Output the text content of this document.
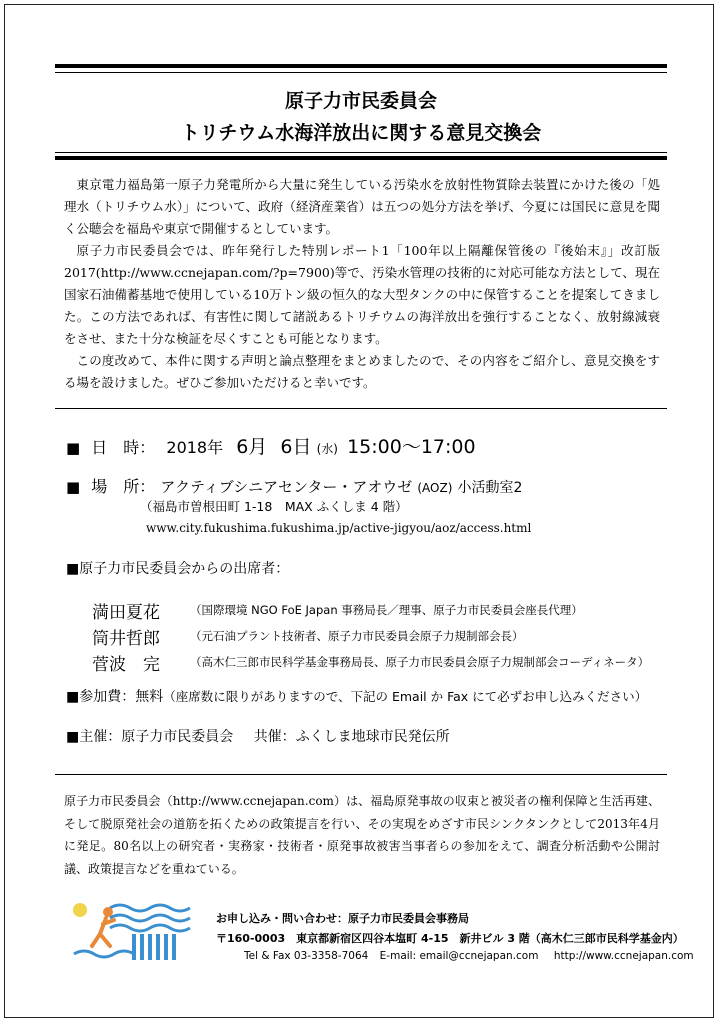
原子力市民委員会
トリチウム水海洋放出に関する意見交換会

東京電力福島第一原子力発電所から大量に発生している汚染水を放射性物質除去装置にかけた後の「処理水（トリチウム水）」について、政府（経済産業省）は五つの処分方法を挙げ、今夏には国民に意見を聞く公聴会を福島や東京で開催するとしています。

原子力市民委員会では、昨年発行した特別レポート1「100年以上隔離保管後の『後始末』」改訂版2017(http://www.ccnejapan.com/?p=7900)等で、汚染水管理の技術的に対応可能な方法として、現在国家石油備蓄基地で使用している10万トン級の恒久的な大型タンクの中に保管することを提案してきました。この方法であれば、有害性に関して諸説あるトリチウムの海洋放出を強行することなく、放射線減衰をさせ、また十分な検証を尽くすことも可能となります。

この度改めて、本件に関する声明と論点整理をまとめましたので、その内容をご紹介し、意見交換をする場を設けました。ぜひご参加いただけると幸いです。

■ 日　時： 2018年 6月 6日 (水) 15:00～17:00
■ 場　所： アクティブシニアセンター・アオウゼ (AOZ) 小活動室2
（福島市曽根田町 1-18　MAX ふくしま 4 階）
www.city.fukushima.fukushima.jp/active-jigyou/aoz/access.html
■原子力市民委員会からの出席者：
満田夏花	（国際環境 NGO FoE Japan 事務局長／理事、原子力市民委員会座長代理）
筒井哲郎	（元石油プラント技術者、原子力市民委員会原子力規制部会長）
菅波　完	（高木仁三郎市民科学基金事務局長、原子力市民委員会原子力規制部会コーディネータ）
■参加費：無料（座席数に限りがありますので、下記の Email か Fax にて必ずお申し込みください）
■主催：原子力市民委員会 共催：ふくしま地球市民発伝所

原子力市民委員会（http://www.ccnejapan.com）は、福島原発事故の収束と被災者の権利保障と生活再建、そして脱原発社会の道筋を拓くための政策提言を行い、その実現をめざす市民シンクタンクとして2013年4月に発足。80名以上の研究者・実務家・技術者・原発事故被害当事者らの参加をえて、調査分析活動や公開討議、政策提言などを重ねている。

お申し込み・問い合わせ：原子力市民委員会事務局
〒160-0003　東京都新宿区四谷本塩町 4-15　新井ビル 3 階（高木仁三郎市民科学基金内）
Tel & Fax 03-3358-7064 E-mail: email@ccnejapan.com http://www.ccnejapan.com
